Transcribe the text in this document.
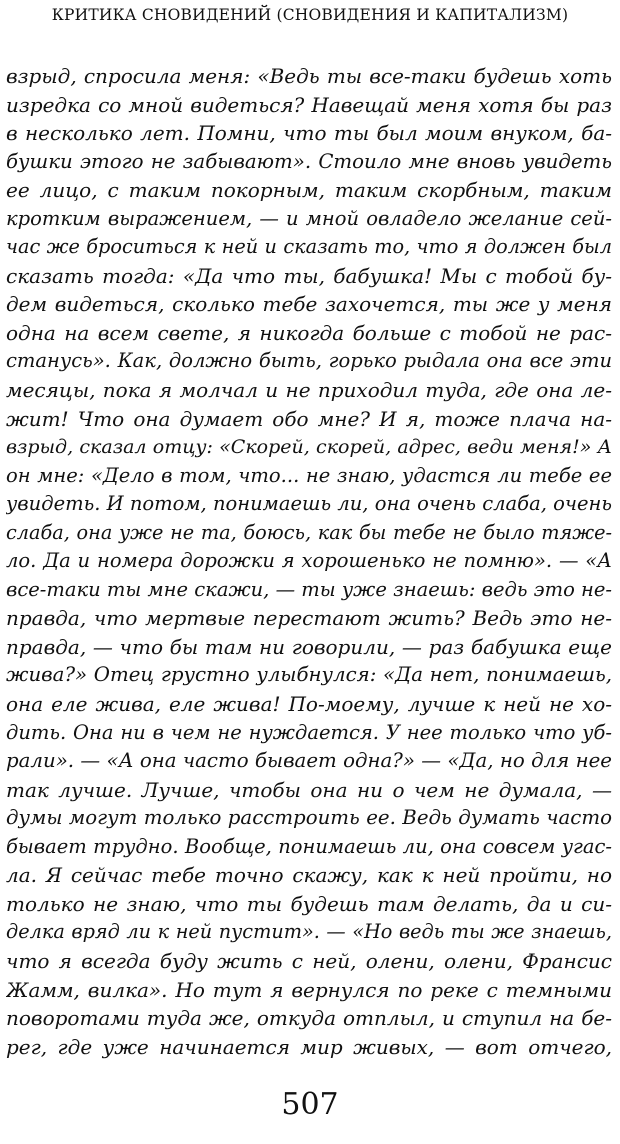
КРИТИКА СНОВИДЕНИЙ (СНОВИДЕНИЯ И КАПИТАЛИЗМ)
взрыд, спросила меня: «Ведь ты все-таки будешь хоть
изредка со мной видеться? Навещай меня хотя бы раз
в несколько лет. Помни, что ты был моим внуком, ба-
бушки этого не забывают». Стоило мне вновь увидеть
ее лицо, с таким покорным, таким скорбным, таким
кротким выражением, — и мной овладело желание сей-
час же броситься к ней и сказать то, что я должен был
сказать тогда: «Да что ты, бабушка! Мы с тобой бу-
дем видеться, сколько тебе захочется, ты же у меня
одна на всем свете, я никогда больше с тобой не рас-
станусь». Как, должно быть, горько рыдала она все эти
месяцы, пока я молчал и не приходил туда, где она ле-
жит! Что она думает обо мне? И я, тоже плача на-
взрыд, сказал отцу: «Скорей, скорей, адрес, веди меня!» А
он мне: «Дело в том, что... не знаю, удастся ли тебе ее
увидеть. И потом, понимаешь ли, она очень слаба, очень
слаба, она уже не та, боюсь, как бы тебе не было тяже-
ло. Да и номера дорожки я хорошенько не помню». — «А
все-таки ты мне скажи, — ты уже знаешь: ведь это не-
правда, что мертвые перестают жить? Ведь это не-
правда, — что бы там ни говорили, — раз бабушка еще
жива?» Отец грустно улыбнулся: «Да нет, понимаешь,
она еле жива, еле жива! По-моему, лучше к ней не хо-
дить. Она ни в чем не нуждается. У нее только что уб-
рали». — «А она часто бывает одна?» — «Да, но для нее
так лучше. Лучше, чтобы она ни о чем не думала, —
думы могут только расстроить ее. Ведь думать часто
бывает трудно. Вообще, понимаешь ли, она совсем угас-
ла. Я сейчас тебе точно скажу, как к ней пройти, но
только не знаю, что ты будешь там делать, да и си-
делка вряд ли к ней пустит». — «Но ведь ты же знаешь,
что я всегда буду жить с ней, олени, олени, Франсис
Жамм, вилка». Но тут я вернулся по реке с темными
поворотами туда же, откуда отплыл, и ступил на бе-
рег, где уже начинается мир живых, — вот отчего,
507
